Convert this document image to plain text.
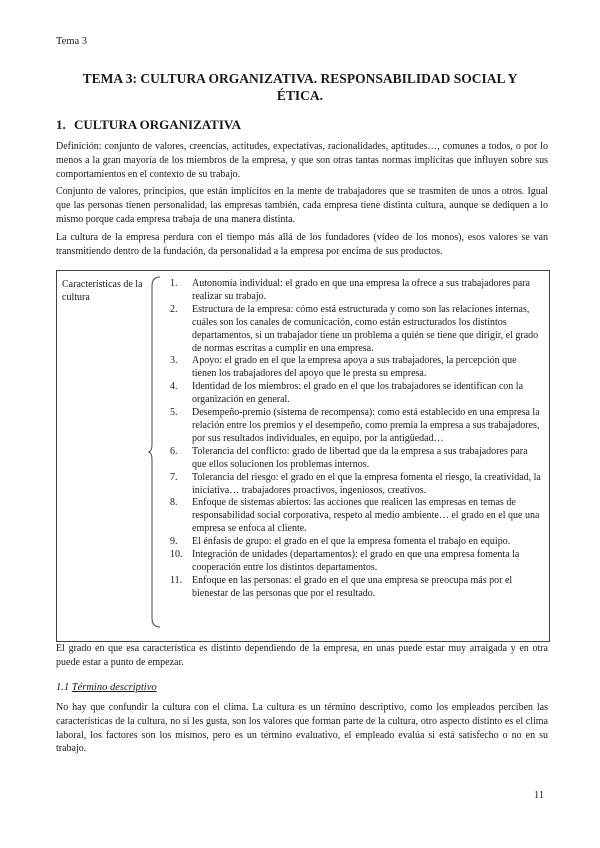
Tema 3
TEMA 3: CULTURA ORGANIZATIVA. RESPONSABILIDAD SOCIAL Y ÉTICA.
1. CULTURA ORGANIZATIVA

Definición: conjunto de valores, creencias, actitudes, expectativas, racionalidades, aptitudes…, comunes a todos, o por lo menos a la gran mayoría de los miembros de la empresa, y que son otras tantas normas implícitas que influyen sobre sus comportamientos en el contexto de su trabajo.

Conjunto de valores, principios, que están implícitos en la mente de trabajadores que se trasmiten de unos a otros. Igual que las personas tienen personalidad, las empresas también, cada empresa tiene distinta cultura, aunque se dediquen a lo mismo porque cada empresa trabaja de una manera distinta.

La cultura de la empresa perdura con el tiempo más allá de los fundadores (vídeo de los monos), esos valores se van transmitiendo dentro de la fundación, da personalidad a la empresa por encima de sus productos.

Características de la cultura
1.	Autonomía individual: el grado en que una empresa la ofrece a sus trabajadores para realizar su trabajo.
2.	Estructura de la empresa: cómo está estructurada y como son las relaciones internas, cuáles son los canales de comunicación, como están estructurados los distintos departamentos, si un trabajador tiene un problema a quién se tiene que dirigir, el grado de normas escritas a cumplir en una empresa.
3.	Apoyo: el grado en el que la empresa apoya a sus trabajadores, la percepción que tienen los trabajadores del apoyo que le presta su empresa.
4.	Identidad de los miembros: el grado en el que los trabajadores se identifican con la organización en general.
5.	Desempeño-premio (sistema de recompensa): como está establecido en una empresa la relación entre los premios y el desempeño, como premia la empresa a sus trabajadores, por sus resultados individuales, en equipo, por la antigüedad…
6.	Tolerancia del conflicto: grado de libertad que da la empresa a sus trabajadores para que ellos solucionen los problemas internos.
7.	Tolerancia del riesgo: el grado en el que la empresa fomenta el riesgo, la creatividad, la iniciativa… trabajadores proactivos, ingeniosos, creativos.
8.	Enfoque de sistemas abiertos: las acciones que realicen las empresas en temas de responsabilidad social corporativa, respeto al medio ambiente… el grado en el que una empresa se enfoca al cliente.
9.	El énfasis de grupo: el grado en el que la empresa fomenta el trabajo en equipo.
10. Integración de unidades (departamentos): el grado en que una empresa fomenta la cooperación entre los distintos departamentos.
11. Enfoque en las personas: el grado en el que una empresa se preocupa más por el bienestar de las personas que por el resultado.

El grado en que esa característica es distinto dependiendo de la empresa, en unas puede estar muy arraigada y en otra puede estar a punto de empezar.

1.1 Término descriptivo

No hay que confundir la cultura con el clima. La cultura es un término descriptivo, como los empleados perciben las características de la cultura, no si les gusta, son los valores que forman parte de la cultura, otro aspecto distinto es el clima laboral, los factores son los mismos, pero es un término evaluativo, el empleado evalúa si está satisfecho o no en su trabajo.

11
